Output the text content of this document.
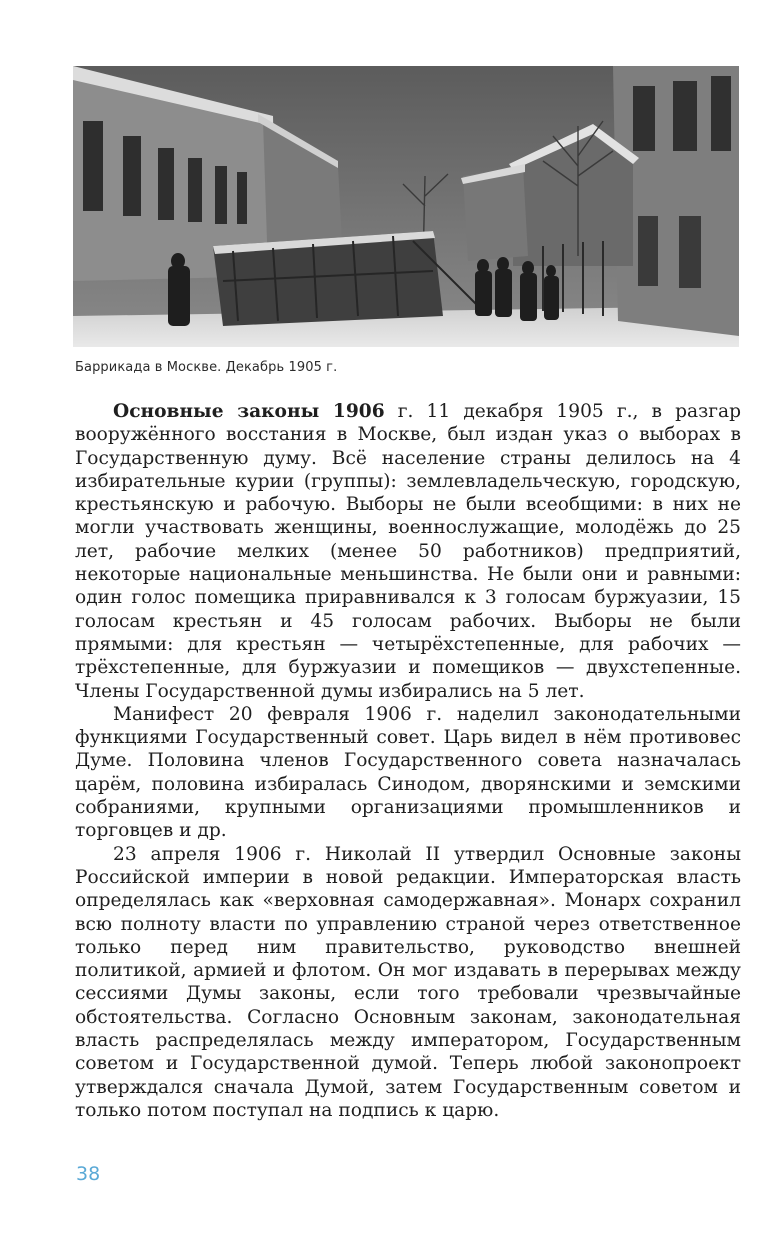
Баррикада в Москве. Декабрь 1905 г.

Основные законы 1906 г. 11 декабря 1905 г., в разгар вооружённого восстания в Москве, был издан указ о выборах в Государственную думу. Всё население страны делилось на 4 избирательные курии (группы): землевладельческую, городскую, крестьянскую и рабочую. Выборы не были всеобщими: в них не могли участвовать женщины, военнослужащие, молодёжь до 25 лет, рабочие мелких (менее 50 работников) предприятий, некоторые национальные меньшинства. Не были они и равными: один голос помещика приравнивался к 3 голосам буржуазии, 15 голосам крестьян и 45 голосам рабочих. Выборы не были прямыми: для крестьян — четырёхстепенные, для рабочих — трёхстепенные, для буржуазии и помещиков — двухстепенные. Члены Государственной думы избирались на 5 лет.

Манифест 20 февраля 1906 г. наделил законодательными функциями Государственный совет. Царь видел в нём противовес Думе. Половина членов Государственного совета назначалась царём, половина избиралась Синодом, дворянскими и земскими собраниями, крупными организациями промышленников и торговцев и др.

23 апреля 1906 г. Николай II утвердил Основные законы Российской империи в новой редакции. Императорская власть определялась как «верховная самодержавная». Монарх сохранил всю полноту власти по управлению страной через ответственное только перед ним правительство, руководство внешней политикой, армией и флотом. Он мог издавать в перерывах между сессиями Думы законы, если того требовали чрезвычайные обстоятельства. Согласно Основным законам, законодательная власть распределялась между императором, Государственным советом и Государственной думой. Теперь любой законопроект утверждался сначала Думой, затем Государственным советом и только потом поступал на подпись к царю.

38
